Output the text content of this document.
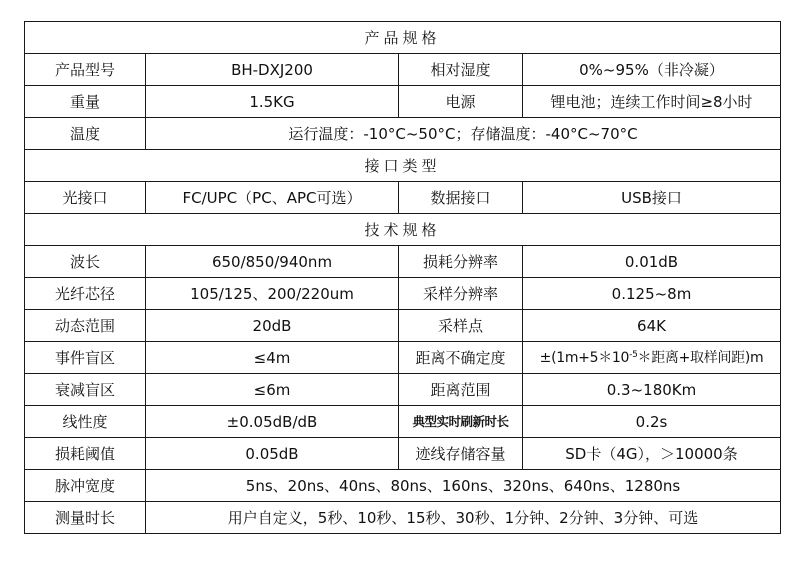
产品规格			
产品型号	BH-DXJ200	相对湿度	0%~95%（非冷凝）
重量	1.5KG	电源	锂电池；连续工作时间≥8小时
温度	运行温度：-10°C~50°C；存储温度：-40°C~70°C		
接口类型			
光接口	FC/UPC（PC、APC可选）	数据接口	USB接口
技术规格			
波长	650/850/940nm	损耗分辨率	0.01dB
光纤芯径	105/125、200/220um	采样分辨率	0.125~8m
动态范围	20dB	采样点	64K
事件盲区	≤4m	距离不确定度	$\pm(1m+5*10^{-5}*$距离+取样间距)m
衰减盲区	≤6m	距离范围	0.3~180Km
线性度	±0.05dB/dB	典型实时刷新时长	0.2s
损耗阈值	0.05dB	迹线存储容量	SD卡（4G），＞10000条
脉冲宽度	5ns、20ns、40ns、80ns、160ns、320ns、640ns、1280ns		
测量时长	用户自定义，5秒、10秒、15秒、30秒、1分钟、2分钟、3分钟、可选		
